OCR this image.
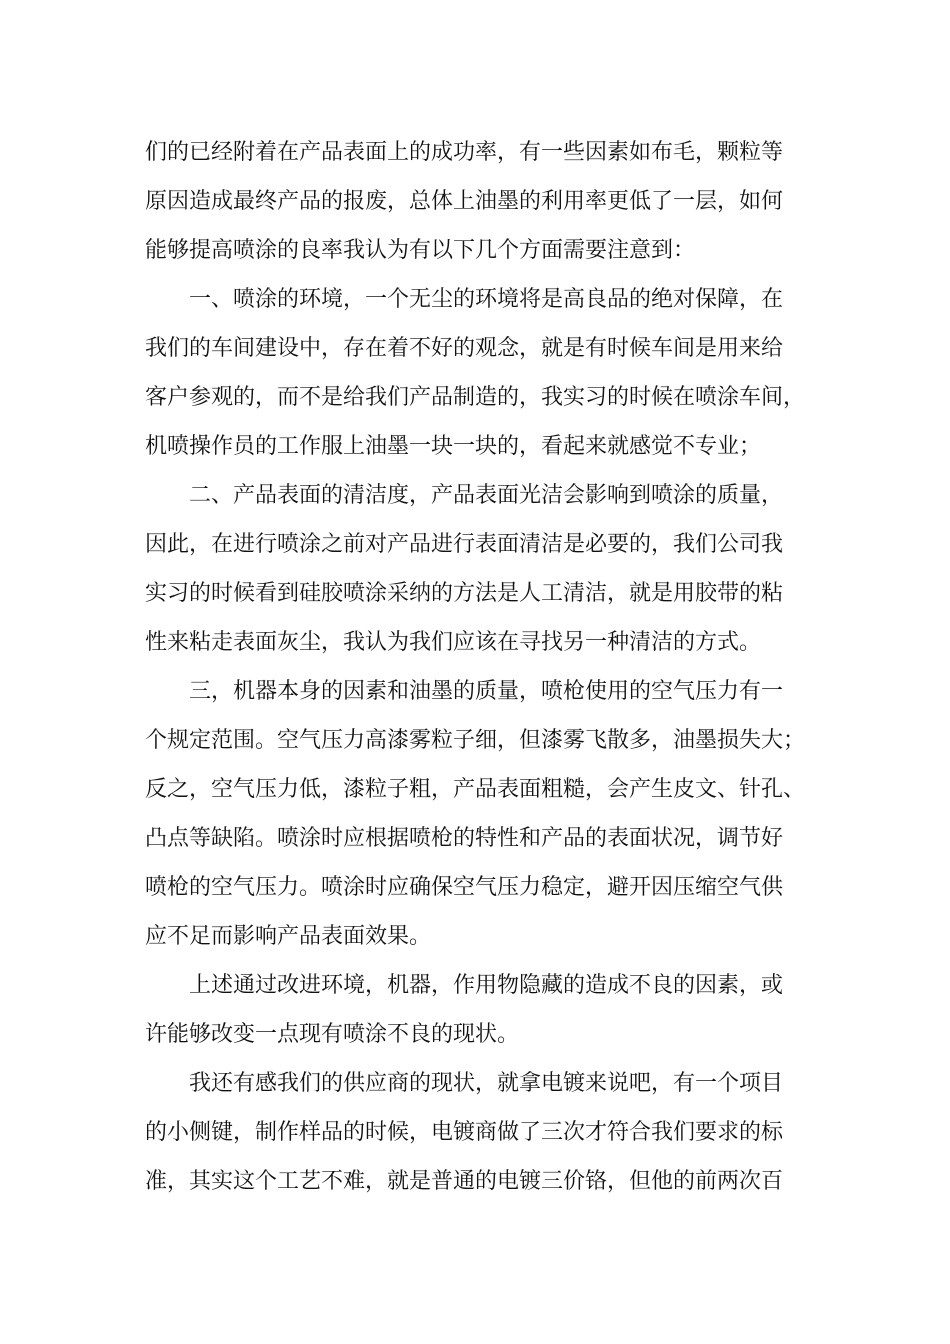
们的已经附着在产品表面上的成功率，有一些因素如布毛，颗粒等
原因造成最终产品的报废，总体上油墨的利用率更低了一层，如何
能够提高喷涂的良率我认为有以下几个方面需要注意到：
一、喷涂的环境，一个无尘的环境将是高良品的绝对保障，在
我们的车间建设中，存在着不好的观念，就是有时候车间是用来给
客户参观的，而不是给我们产品制造的，我实习的时候在喷涂车间，
机喷操作员的工作服上油墨一块一块的，看起来就感觉不专业；
二、产品表面的清洁度，产品表面光洁会影响到喷涂的质量，
因此，在进行喷涂之前对产品进行表面清洁是必要的，我们公司我
实习的时候看到硅胶喷涂采纳的方法是人工清洁，就是用胶带的粘
性来粘走表面灰尘，我认为我们应该在寻找另一种清洁的方式。
三，机器本身的因素和油墨的质量，喷枪使用的空气压力有一
个规定范围。空气压力高漆雾粒子细，但漆雾飞散多，油墨损失大；
反之，空气压力低，漆粒子粗，产品表面粗糙，会产生皮文、针孔、
凸点等缺陷。喷涂时应根据喷枪的特性和产品的表面状况，调节好
喷枪的空气压力。喷涂时应确保空气压力稳定，避开因压缩空气供
应不足而影响产品表面效果。
上述通过改进环境，机器，作用物隐藏的造成不良的因素，或
许能够改变一点现有喷涂不良的现状。
我还有感我们的供应商的现状，就拿电镀来说吧，有一个项目
的小侧键，制作样品的时候，电镀商做了三次才符合我们要求的标
准，其实这个工艺不难，就是普通的电镀三价铬，但他的前两次百
